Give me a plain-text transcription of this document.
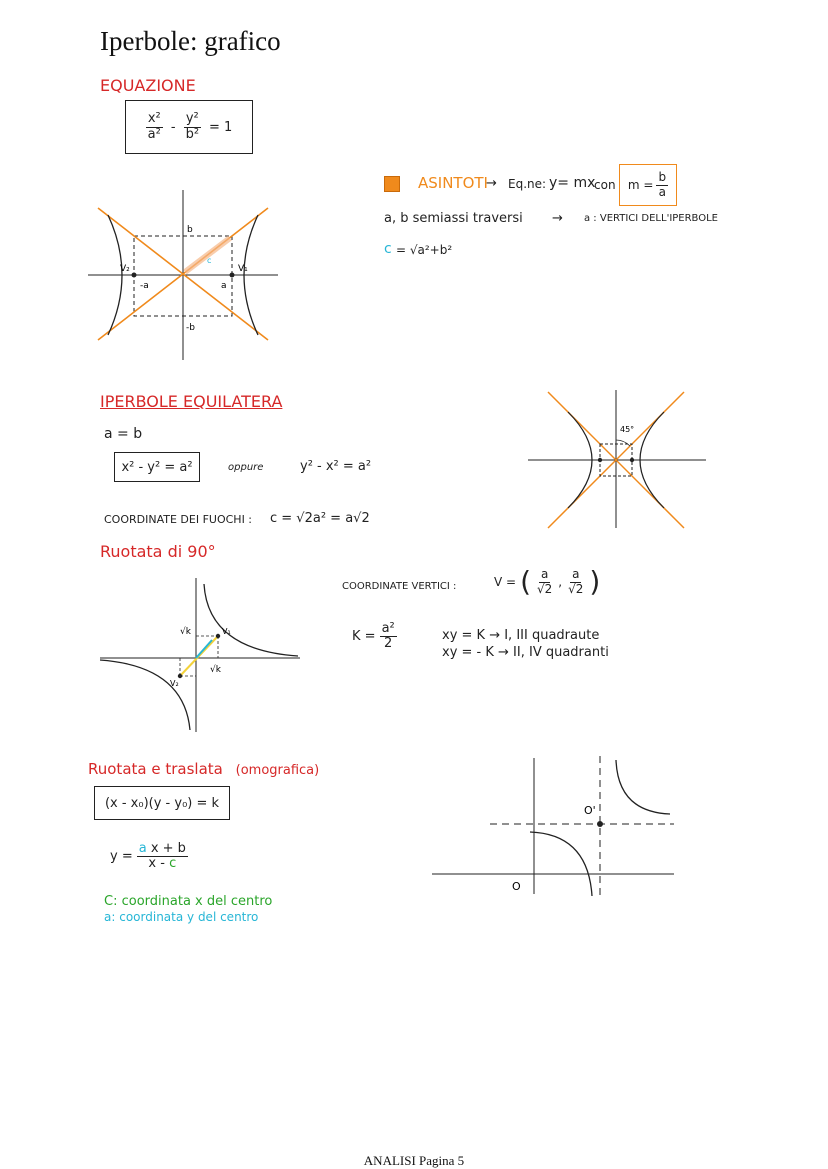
Iperbole: grafico
EQUAZIONE
$\frac{\text{x²}}{\text{a²}} - \frac{\text{y²}}{\text{b²}} = 1$
ASINTOTI
→ Eq.ne: y= mx
con $m = \frac{b}{a}$
a, b semiassi traversi → a : VERTICI DELL'IPERBOLE
c = √a²+b²
b
-b
a
-a
V₁
V₂
c
IPERBOLE EQUILATERA
a = b
x² - y² = a²	oppure	y² - x² = a²
COORDINATE DEI FUOCHI : c = √2a² = a√2
45°
Ruotata di 90°
√k
√k
V₁
V₂
COORDINATE VERTICI :	V = ( $\frac{a}{√2}$ , $\frac{a}{√2}$ )
$K = \frac{\text{a²}}{2}$	xy = K → I, III quadraute
xy = - K → II, IV quadranti
Ruotata e traslata (omografica)
(x - x₀)(y - y₀) = k
$y = \frac{\text{a x + b}}{x - c}$
C: coordinata x del centro
a: coordinata y del centro
O'
O
ANALISI Pagina 5
